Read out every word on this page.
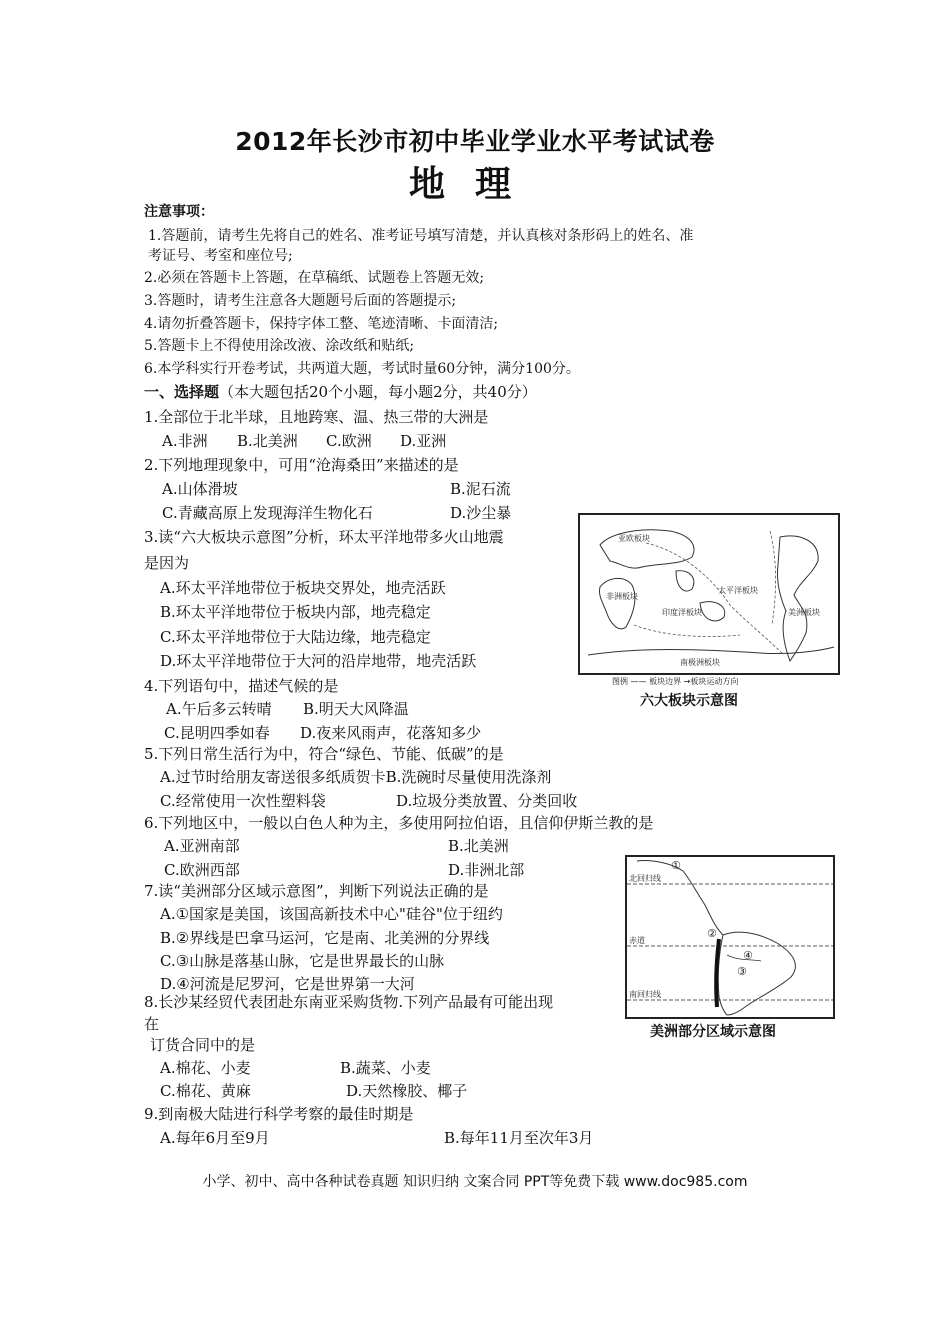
2012年长沙市初中毕业学业水平考试试卷
地理
注意事项：
1.答题前，请考生先将自己的姓名、准考证号填写清楚，并认真核对条形码上的姓名、准
考证号、考室和座位号;
2.必须在答题卡上答题，在草稿纸、试题卷上答题无效;
3.答题时，请考生注意各大题题号后面的答题提示;
4.请勿折叠答题卡，保持字体工整、笔迹清晰、卡面清洁;
5.答题卡上不得使用涂改液、涂改纸和贴纸;
6.本学科实行开卷考试，共两道大题，考试时量60分钟，满分100分。
一、选择题（本大题包括20个小题，每小题2分，共40分）
1.全部位于北半球，且地跨寒、温、热三带的大洲是
A.非洲 B.北美洲 C.欧洲 D.亚洲
2.下列地理现象中，可用“沧海桑田”来描述的是
A.山体滑坡	B.泥石流
C.青藏高原上发现海洋生物化石	D.沙尘暴
3.读“六大板块示意图”分析，环太平洋地带多火山地震
是因为
A.环太平洋地带位于板块交界处，地壳活跃
B.环太平洋地带位于板块内部，地壳稳定
C.环太平洋地带位于大陆边缘，地壳稳定
D.环太平洋地带位于大河的沿岸地带，地壳活跃
4.下列语句中，描述气候的是
A.午后多云转晴 B.明天大风降温
C.昆明四季如春 D.夜来风雨声，花落知多少
5.下列日常生活行为中，符合“绿色、节能、低碳”的是
A.过节时给朋友寄送很多纸质贺卡B.洗碗时尽量使用洗涤剂
C.经常使用一次性塑料袋	D.垃圾分类放置、分类回收
6.下列地区中，一般以白色人种为主，多使用阿拉伯语，且信仰伊斯兰教的是
A.亚洲南部	B.北美洲
C.欧洲西部	D.非洲北部
7.读“美洲部分区域示意图”，判断下列说法正确的是
A.①国家是美国，该国高新技术中心"硅谷"位于纽约
B.②界线是巴拿马运河，它是南、北美洲的分界线
C.③山脉是落基山脉，它是世界最长的山脉
D.④河流是尼罗河，它是世界第一大河
8.长沙某经贸代表团赴东南亚采购货物.下列产品最有可能出现
在
订货合同中的是
A.棉花、小麦	B.蔬菜、小麦
C.棉花、黄麻	D.天然橡胶、椰子
9.到南极大陆进行科学考察的最佳时期是
A.每年6月至9月	B.每年11月至次年3月
亚欧板块
非洲板块
太平洋板块
印度洋板块
南极洲板块
美洲板块
图例 —— 板块边界 →板块运动方向
六大板块示意图
①
②
③
④
北回归线
赤道
南回归线
美洲部分区域示意图
小学、初中、高中各种试卷真题 知识归纳 文案合同 PPT等免费下载 www.doc985.com
